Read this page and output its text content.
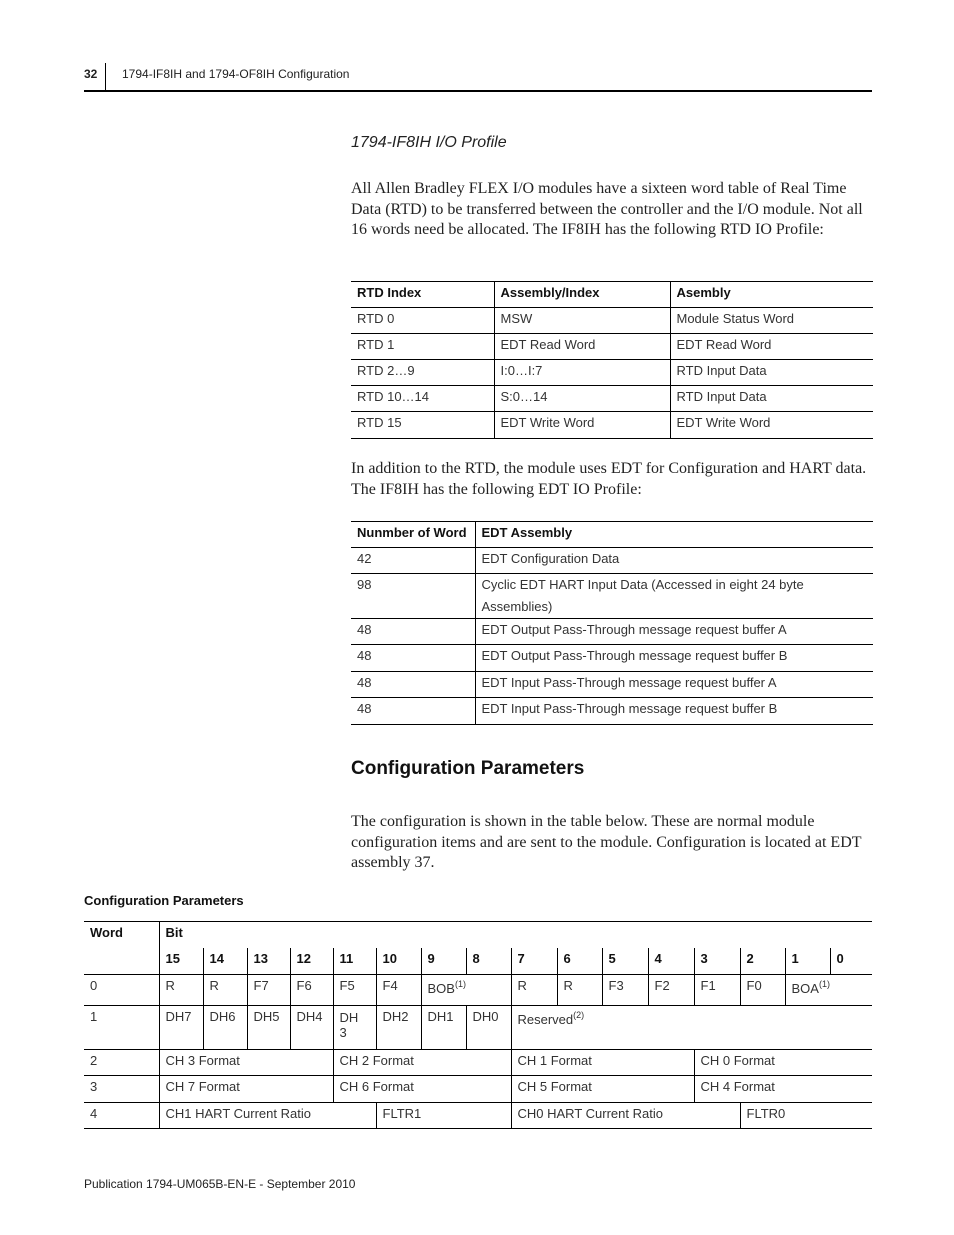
32 1794-IF8IH and 1794-OF8IH Configuration
1794-IF8IH I/O Profile
All Allen Bradley FLEX I/O modules have a sixteen word table of Real Time Data (RTD) to be transferred between the controller and the I/O module. Not all 16 words need be allocated. The IF8IH has the following RTD IO Profile:
RTD Index	Assembly/Index	Asembly
RTD 0	MSW	Module Status Word
RTD 1	EDT Read Word	EDT Read Word
RTD 2…9	I:0…I:7	RTD Input Data
RTD 10…14	S:0…14	RTD Input Data
RTD 15	EDT Write Word	EDT Write Word
In addition to the RTD, the module uses EDT for Configuration and HART data. The IF8IH has the following EDT IO Profile:
Nunmber of Word	EDT Assembly
42	EDT Configuration Data
98	Cyclic EDT HART Input Data (Accessed in eight 24 byte Assemblies)
48	EDT Output Pass-Through message request buffer A
48	EDT Output Pass-Through message request buffer B
48	EDT Input Pass-Through message request buffer A
48	EDT Input Pass-Through message request buffer B
Configuration Parameters
The configuration is shown in the table below. These are normal module configuration items and are sent to the module. Configuration is located at EDT assembly 37.
Configuration Parameters
Word	Bit															
	15	14	13	12	11	10	9	8	7	6	5	4	3	2	1	0
0	R	R	F7	F6	F5	F4	BOB$^{(1)}$		R	R	F3	F2	F1	F0	BOA$^{(1)}$
1	DH7	DH6	DH5	DH4	DH 3	DH2	DH1	DH0	Reserved$^{(2)}$
2	CH 3 Format				CH 2 Format				CH 1 Format				CH 0 Format			
3	CH 7 Format				CH 6 Format				CH 5 Format				CH 4 Format			
4	CH1 HART Current Ratio					FLTR1			CH0 HART Current Ratio					FLTR0		
Publication 1794-UM065B-EN-E - September 2010
